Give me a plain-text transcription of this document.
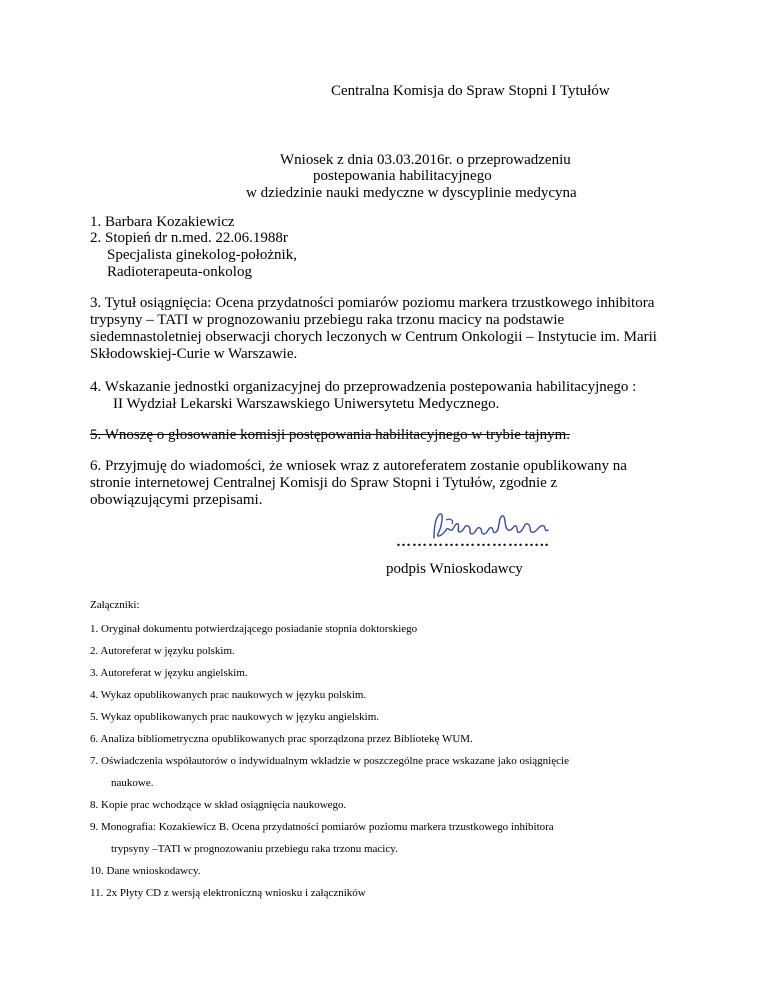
Centralna Komisja do Spraw Stopni I Tytułów
Wniosek z dnia 03.03.2016r. o przeprowadzeniu
postepowania habilitacyjnego
w dziedzinie nauki medyczne w dyscyplinie medycyna
1. Barbara Kozakiewicz
2. Stopień dr n.med. 22.06.1988r
Specjalista ginekolog-położnik,
Radioterapeuta-onkolog
3. Tytuł osiągnięcia: Ocena przydatności pomiarów poziomu markera trzustkowego inhibitora
trypsyny – TATI w prognozowaniu przebiegu raka trzonu macicy na podstawie
siedemnastoletniej obserwacji chorych leczonych w Centrum Onkologii – Instytucie im. Marii
Skłodowskiej-Curie w Warszawie.
4. Wskazanie jednostki organizacyjnej do przeprowadzenia postepowania habilitacyjnego :
II Wydział Lekarski Warszawskiego Uniwersytetu Medycznego.
5. Wnoszę o głosowanie komisji postępowania habilitacyjnego w trybie tajnym.
6. Przyjmuję do wiadomości, że wniosek wraz z autoreferatem zostanie opublikowany na
stronie internetowej Centralnej Komisji do Spraw Stopni i Tytułów, zgodnie z
obowiązującymi przepisami.
………………………..
podpis Wnioskodawcy
Załączniki:
1. Oryginał dokumentu potwierdzającego posiadanie stopnia doktorskiego
2. Autoreferat w języku polskim.
3. Autoreferat w języku angielskim.
4. Wykaz opublikowanych prac naukowych w języku polskim.
5. Wykaz opublikowanych prac naukowych w języku angielskim.
6. Analiza bibliometryczna opublikowanych prac sporządzona przez Bibliotekę WUM.
7. Oświadczenia współautorów o indywidualnym wkładzie w poszczególne prace wskazane jako osiągnięcie
naukowe.
8. Kopie prac wchodzące w skład osiągnięcia naukowego.
9. Monografia: Kozakiewicz B. Ocena przydatności pomiarów poziomu markera trzustkowego inhibitora
trypsyny –TATI w prognozowaniu przebiegu raka trzonu macicy.
10. Dane wnioskodawcy.
11. 2x Płyty CD z wersją elektroniczną wniosku i załączników
